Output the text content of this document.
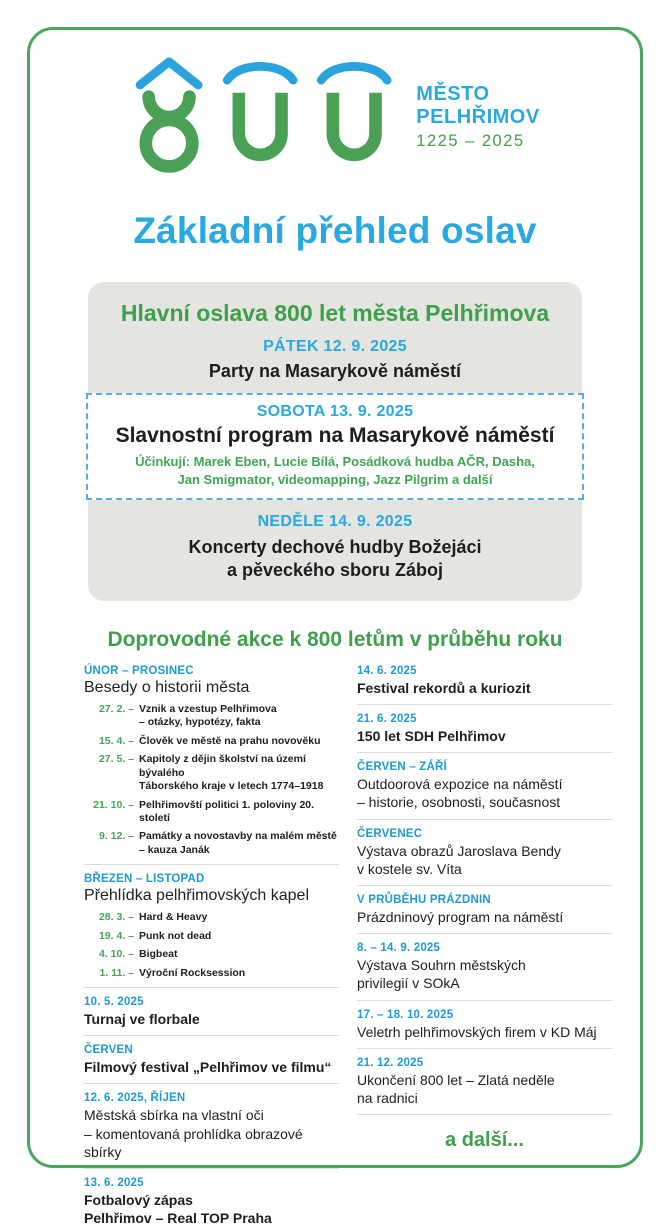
MĚSTO
PELHŘIMOV
1225 – 2025
Základní přehled oslav
Hlavní oslava 800 let města Pelhřimova
PÁTEK 12. 9. 2025
Party na Masarykově náměstí
SOBOTA 13. 9. 2025
Slavnostní program na Masarykově náměstí
Účinkují: Marek Eben, Lucie Bílá, Posádková hudba AČR, Dasha,
Jan Smigmator, videomapping, Jazz Pilgrim a další
NEDĚLE 14. 9. 2025
Koncerty dechové hudby Božejáci
a pěveckého sboru Záboj
Doprovodné akce k 800 letům v průběhu roku
ÚNOR – PROSINEC
Besedy o historii města
27. 2. – Vznik a vzestup Pelhřimova
– otázky, hypotézy, fakta
15. 4. – Člověk ve městě na prahu novověku
27. 5. – Kapitoly z dějin školství na území bývalého
Táborského kraje v letech 1774–1918
21. 10. – Pelhřimovští politici 1. poloviny 20. století
9. 12. – Památky a novostavby na malém městě
– kauza Janák
BŘEZEN – LISTOPAD
Přehlídka pelhřimovských kapel
28. 3. – Hard & Heavy
19. 4. – Punk not dead
4. 10. – Bigbeat
1. 11. – Výroční Rocksession
10. 5. 2025
Turnaj ve florbale
ČERVEN
Filmový festival „Pelhřimov ve filmu“
12. 6. 2025, ŘÍJEN
Městská sbírka na vlastní oči
– komentovaná prohlídka obrazové sbírky
13. 6. 2025
Fotbalový zápas
Pelhřimov – Real TOP Praha
14. 6. 2025
Festival rekordů a kuriozit
21. 6. 2025
150 let SDH Pelhřimov
ČERVEN – ZÁŘÍ
Outdoorová expozice na náměstí
– historie, osobnosti, současnost
ČERVENEC
Výstava obrazů Jaroslava Bendy
v kostele sv. Víta
V PRŮBĚHU PRÁZDNIN
Prázdninový program na náměstí
8. – 14. 9. 2025
Výstava Souhrn městských
privilegií v SOkA
17. – 18. 10. 2025
Veletrh pelhřimovských firem v KD Máj
21. 12. 2025
Ukončení 800 let – Zlatá neděle
na radnici
a další...
